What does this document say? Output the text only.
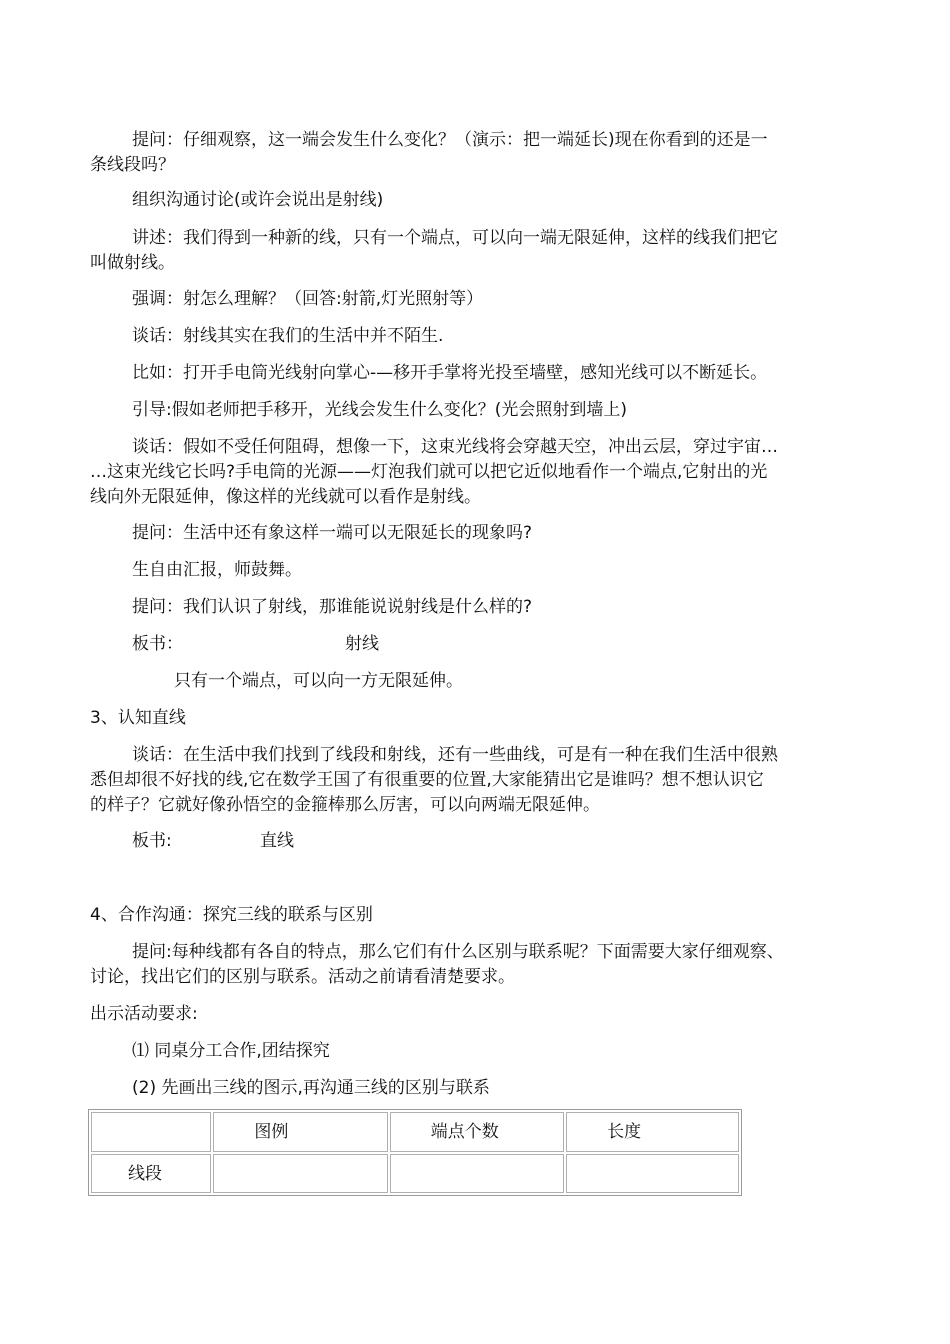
提问：仔细观察，这一端会发生什么变化？（演示：把一端延长)现在你看到的还是一
条线段吗？
组织沟通讨论(或许会说出是射线)
讲述：我们得到一种新的线，只有一个端点，可以向一端无限延伸，这样的线我们把它
叫做射线。
强调：射怎么理解？（回答:射箭,灯光照射等）
谈话：射线其实在我们的生活中并不陌生.
比如：打开手电筒光线射向掌心-—移开手掌将光投至墙壁，感知光线可以不断延长。
引导:假如老师把手移开，光线会发生什么变化？(光会照射到墙上)
谈话：假如不受任何阻碍，想像一下，这束光线将会穿越天空，冲出云层，穿过宇宙…
…这束光线它长吗?手电筒的光源——灯泡我们就可以把它近似地看作一个端点,它射出的光
线向外无限延伸，像这样的光线就可以看作是射线。
提问：生活中还有象这样一端可以无限延长的现象吗?
生自由汇报，师鼓舞。
提问：我们认识了射线，那谁能说说射线是什么样的?
板书：	射线
只有一个端点，可以向一方无限延伸。
3、认知直线
谈话：在生活中我们找到了线段和射线，还有一些曲线，可是有一种在我们生活中很熟
悉但却很不好找的线,它在数学王国了有很重要的位置,大家能猜出它是谁吗？想不想认识它
的样子？它就好像孙悟空的金箍棒那么厉害，可以向两端无限延伸。
板书:	直线
4、合作沟通：探究三线的联系与区别
提问:每种线都有各自的特点，那么它们有什么区别与联系呢？下面需要大家仔细观察、
讨论，找出它们的区别与联系。活动之前请看清楚要求。
出示活动要求:
⑴ 同桌分工合作,团结探究
(2) 先画出三线的图示,再沟通三线的区别与联系
	图例	端点个数	长度
线段			
